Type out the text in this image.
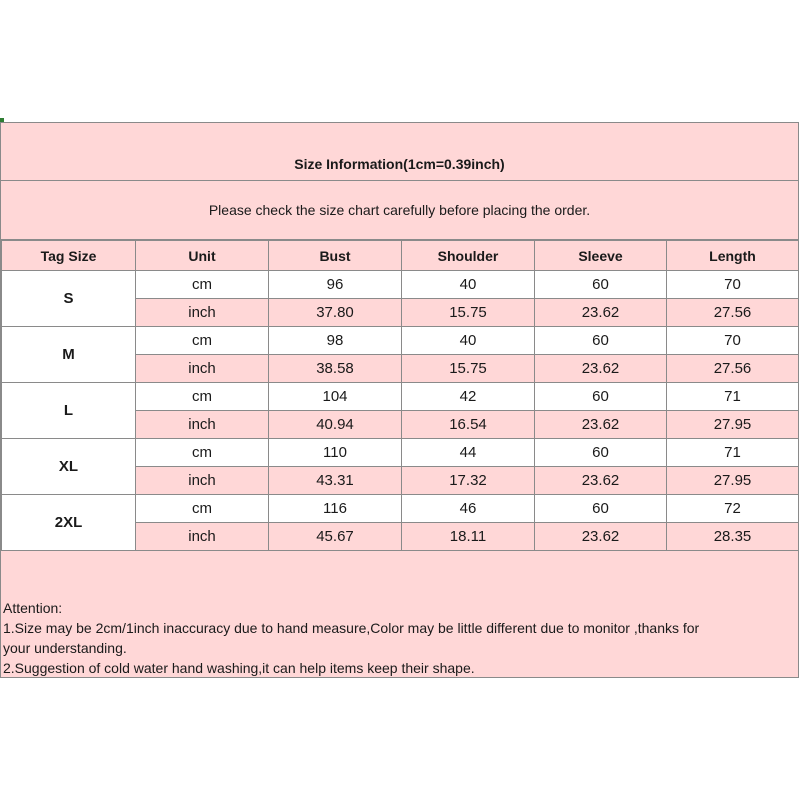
Size Information(1cm=0.39inch)
Please check the size chart carefully before placing the order.
Tag Size	Unit	Bust	Shoulder	Sleeve	Length
S	cm	96	40	60	70
	inch	37.80	15.75	23.62	27.56
M	cm	98	40	60	70
	inch	38.58	15.75	23.62	27.56
L	cm	104	42	60	71
	inch	40.94	16.54	23.62	27.95
XL	cm	110	44	60	71
	inch	43.31	17.32	23.62	27.95
2XL	cm	116	46	60	72
	inch	45.67	18.11	23.62	28.35
Attention:
1.Size may be 2cm/1inch inaccuracy due to hand measure,Color may be little different due to monitor ,thanks for
your understanding.
2.Suggestion of cold water hand washing,it can help items keep their shape.
